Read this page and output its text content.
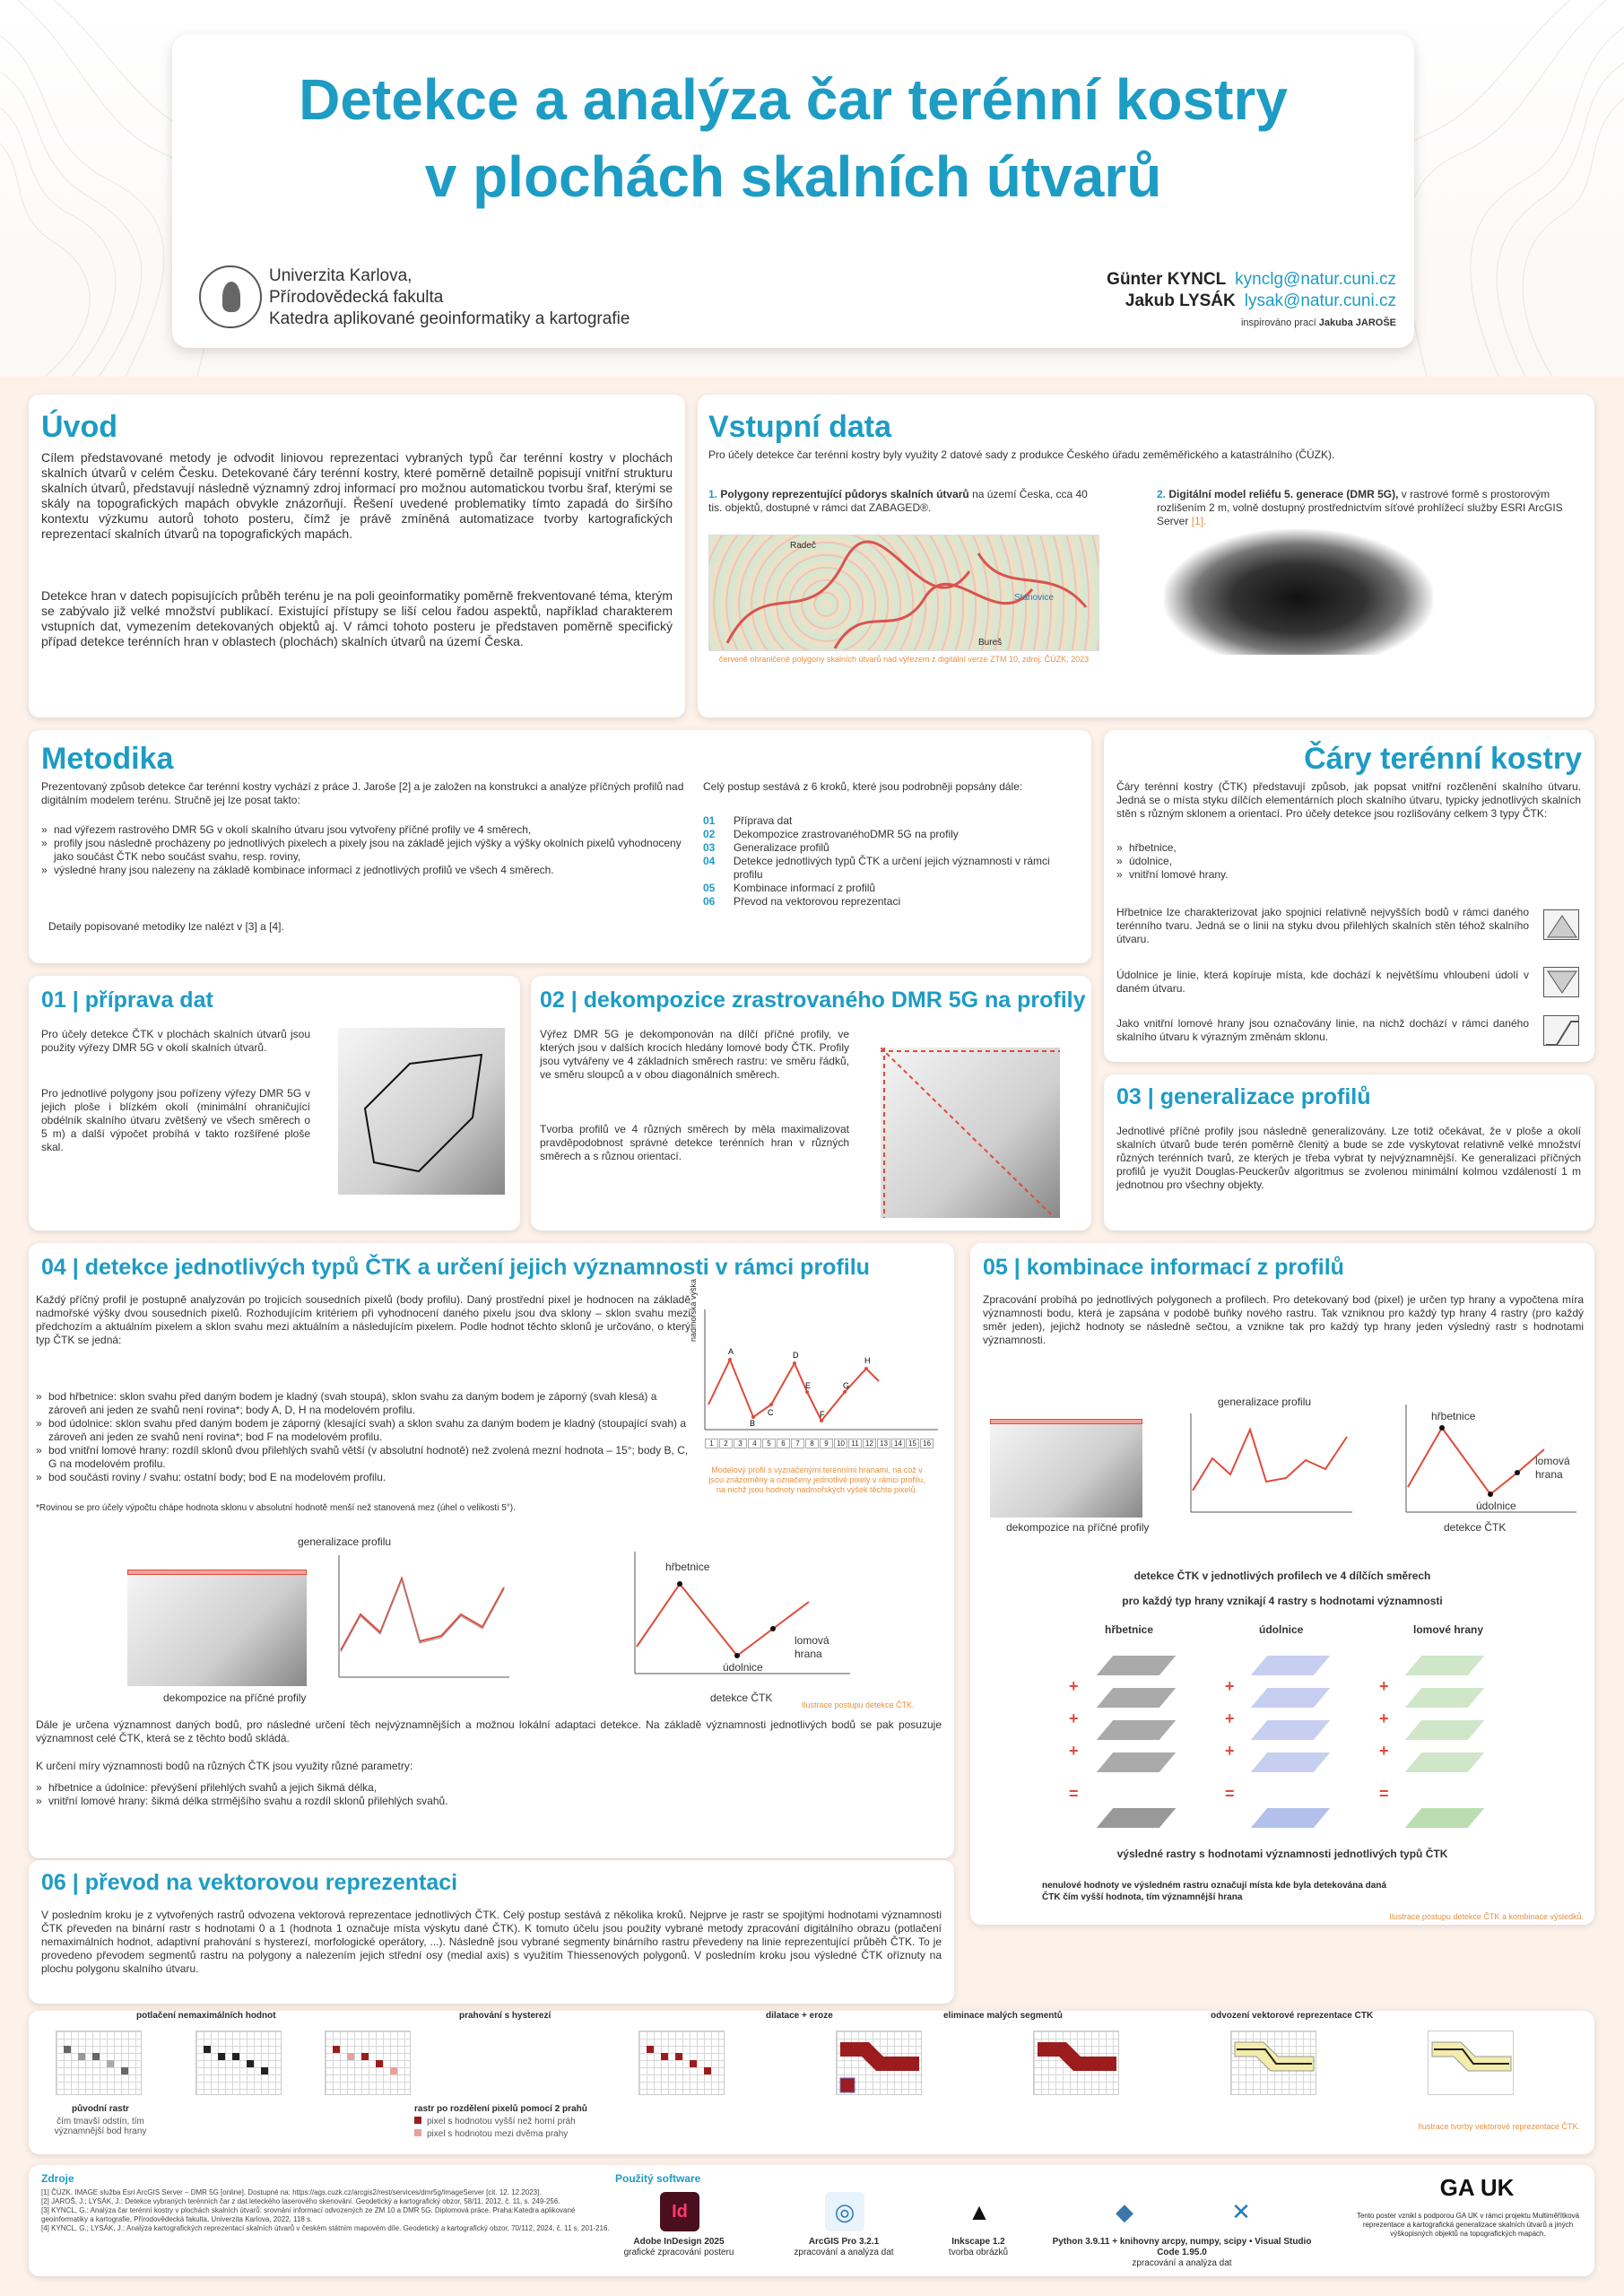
Detekce a analýza čar terénní kostry
v plochách skalních útvarů
Univerzita Karlova,
Přírodovědecká fakulta
Katedra aplikované geoinformatiky a kartografie
Günter KYNCL kynclg@natur.cuni.cz
Jakub LYSÁK lysak@natur.cuni.cz
inspirováno prací Jakuba JAROŠE
Úvod
Cílem představované metody je odvodit liniovou reprezentaci vybraných typů čar terénní kostry v plochách skalních útvarů v celém Česku. Detekované čáry terénní kostry, které poměrně detailně popisují vnitřní strukturu skalních útvarů, představují následně významný zdroj informací pro možnou automatickou tvorbu šraf, kterými se skály na topografických mapách obvykle znázorňují. Řešení uvedené problematiky tímto zapadá do širšího kontextu výzkumu autorů tohoto posteru, čímž je právě zmíněná automatizace tvorby kartografických reprezentací skalních útvarů na topografických mapách.
Detekce hran v datech popisujících průběh terénu je na poli geoinformatiky poměrně frekventované téma, kterým se zabývalo již velké množství publikací. Existující přístupy se liší celou řadou aspektů, například charakterem vstupních dat, vymezením detekovaných objektů aj. V rámci tohoto posteru je představen poměrně specifický případ detekce terénních hran v oblastech (plochách) skalních útvarů na území Česka.
Vstupní data
Pro účely detekce čar terénní kostry byly využity 2 datové sady z produkce Českého úřadu zeměměřického a katastrálního (ČÚZK).
1. Polygony reprezentující půdorys skalních útvarů na území Česka, cca 40 tis. objektů, dostupné v rámci dat ZABAGED®.
2. Digitální model reliéfu 5. generace (DMR 5G), v rastrové formě s prostorovým rozlišením 2 m, volně dostupný prostřednictvím síťové prohlížecí služby ESRI ArcGIS Server [1].
Radeč
Stanovice
Bureš
červeně ohraničené polygony skalních útvarů nad výřezem z digitální verze ZTM 10, zdroj: ČÚZK, 2023
Metodika
Prezentovaný způsob detekce čar terénní kostry vychází z práce J. Jaroše [2] a je založen na konstrukci a analýze příčných profilů nad digitálním modelem terénu. Stručně jej lze posat takto:
» nad výřezem rastrového DMR 5G v okolí skalního útvaru jsou vytvořeny příčné profily ve 4 směrech,
» profily jsou následně procházeny po jednotlivých pixelech a pixely jsou na základě jejich výšky a výšky okolních pixelů vyhodnoceny jako součást ČTK nebo součást svahu, resp. roviny,
» výsledné hrany jsou nalezeny na základě kombinace informací z jednotlivých profilů ve všech 4 směrech.
Detaily popisované metodiky lze nalézt v [3] a [4].
Celý postup sestává z 6 kroků, které jsou podrobněji popsány dále:
01	Příprava dat
02	Dekompozice zrastrovanéhoDMR 5G na profily
03	Generalizace profilů
04	Detekce jednotlivých typů ČTK a určení jejich významnosti v rámci profilu
05	Kombinace informací z profilů
06	Převod na vektorovou reprezentaci
Čáry terénní kostry
Čáry terénní kostry (ČTK) představují způsob, jak popsat vnitřní rozčlenění skalního útvaru. Jedná se o místa styku dílčích elementárních ploch skalního útvaru, typicky jednotlivých skalních stěn s různým sklonem a orientací. Pro účely detekce jsou rozlišovány celkem 3 typy ČTK:
» hřbetnice,
» údolnice,
» vnitřní lomové hrany.
Hřbetnice lze charakterizovat jako spojnici relativně nejvyšších bodů v rámci daného terénního tvaru. Jedná se o linii na styku dvou přilehlých skalních stěn téhož skalního útvaru.
Údolnice je linie, která kopíruje místa, kde dochází k největšímu vhloubení údolí v daném útvaru.
Jako vnitřní lomové hrany jsou označovány linie, na nichž dochází v rámci daného skalního útvaru k výrazným změnám sklonu.
01 | příprava dat
Pro účely detekce ČTK v plochách skalních útvarů jsou použity výřezy DMR 5G v okolí skalních útvarů.
Pro jednotlivé polygony jsou pořízeny výřezy DMR 5G v jejich ploše i blízkém okolí (minimální ohraničující obdélník skalního útvaru zvětšený ve všech směrech o 5 m) a další výpočet probíhá v takto rozšířené ploše skal.
02 | dekompozice zrastrovaného DMR 5G na profily
Výřez DMR 5G je dekomponován na dílčí příčné profily, ve kterých jsou v dalších krocích hledány lomové body ČTK. Profily jsou vytvářeny ve 4 základních směrech rastru: ve směru řádků, ve směru sloupců a v obou diagonálních směrech.
Tvorba profilů ve 4 různých směrech by měla maximalizovat pravděpodobnost správné detekce terénních hran v různých směrech a s různou orientací.
03 | generalizace profilů
Jednotlivé příčné profily jsou následně generalizovány. Lze totiž očekávat, že v ploše a okolí skalních útvarů bude terén poměrně členitý a bude se zde vyskytovat relativně velké množství různých terénních tvarů, ze kterých je třeba vybrat ty nejvýznamnější. Ke generalizaci příčných profilů je využit Douglas-Peuckerův algoritmus se zvolenou minimální kolmou vzdáleností 1 m jednotnou pro všechny objekty.
04 | detekce jednotlivých typů ČTK a určení jejich významnosti v rámci profilu
Každý příčný profil je postupně analyzován po trojicích sousedních pixelů (body profilu). Daný prostřední pixel je hodnocen na základě nadmořské výšky dvou sousedních pixelů. Rozhodujícím kritériem při vyhodnocení daného pixelu jsou dva sklony – sklon svahu mezi předchozím a aktuálním pixelem a sklon svahu mezi aktuálním a následujícím pixelem. Podle hodnot těchto sklonů je určováno, o který typ ČTK se jedná:
» bod hřbetnice: sklon svahu před daným bodem je kladný (svah stoupá), sklon svahu za daným bodem je záporný (svah klesá) a zároveň ani jeden ze svahů není rovina*; body A, D, H na modelovém profilu.
» bod údolnice: sklon svahu před daným bodem je záporný (klesající svah) a sklon svahu za daným bodem je kladný (stoupající svah) a zároveň ani jeden ze svahů není rovina*; bod F na modelovém profilu.
» bod vnitřní lomové hrany: rozdíl sklonů dvou přilehlých svahů větší (v absolutní hodnotě) než zvolená mezní hodnota – 15°; body B, C, G na modelovém profilu.
» bod součásti roviny / svahu: ostatní body; bod E na modelovém profilu.
*Rovinou se pro účely výpočtu chápe hodnota sklonu v absolutní hodnotě menší než stanovená mez (úhel o velikosti 5°).
A
B
C
D
E
F
G
H
nadmořská výška
1	2	3	4	5	6	7	8	9	10 11 12 13 14 15 16
Modelový profil s vyznačenými terénními hranami, na což v jsou znázorněny a označeny jednotlivé pixely v rámci profilu, na nichž jsou hodnoty nadmořských výšek těchto pixelů.
dekompozice na příčné profily
generalizace profilu
hřbetnice
údolnice
lomová hrana
detekce ČTK
Ilustrace postupu detekce ČTK.
Dále je určena významnost daných bodů, pro následné určení těch nejvýznamnějších a možnou lokální adaptaci detekce. Na základě významnosti jednotlivých bodů se pak posuzuje významnost celé ČTK, která se z těchto bodů skládá.
K určení míry významnosti bodů na různých ČTK jsou využity různé parametry:
» hřbetnice a údolnice: převýšení přilehlých svahů a jejich šikmá délka,
» vnitřní lomové hrany: šikmá délka strmějšího svahu a rozdíl sklonů přilehlých svahů.
05 | kombinace informací z profilů
Zpracování probíhá po jednotlivých polygonech a profilech. Pro detekovaný bod (pixel) je určen typ hrany a vypočtena míra významnosti bodu, která je zapsána v podobě buňky nového rastru. Tak vzniknou pro každý typ hrany 4 rastry (pro každý směr jeden), jejichž hodnoty se následně sečtou, a vznikne tak pro každý typ hrany jeden výsledný rastr s hodnotami významnosti.
dekompozice na příčné profily
generalizace profilu
hřbetnice
údolnice
lomová hrana
detekce ČTK
detekce ČTK v jednotlivých profilech ve 4 dílčích směrech
pro každý typ hrany vznikají 4 rastry s hodnotami významnosti
hřbetnice	údolnice	lomové hrany
+
+
+
=
+
+
+
=
+
+
+
=
výsledné rastry s hodnotami významnosti jednotlivých typů ČTK
nenulové hodnoty ve výsledném rastru označují místa kde byla detekována daná ČTK čím vyšší hodnota, tím významnější hrana
Ilustrace postupu detekce ČTK a kombinace výsledků.
06 | převod na vektorovou reprezentaci
V posledním kroku je z vytvořených rastrů odvozena vektorová reprezentace jednotlivých ČTK. Celý postup sestává z několika kroků. Nejprve je rastr se spojitými hodnotami významnosti ČTK převeden na binární rastr s hodnotami 0 a 1 (hodnota 1 označuje místa výskytu dané ČTK). K tomuto účelu jsou použity vybrané metody zpracování digitálního obrazu (potlačení nemaximálních hodnot, adaptivní prahování s hysterezí, morfologické operátory, ...). Následně jsou vybrané segmenty binárního rastru převedeny na linie reprezentující průběh ČTK. To je provedeno převodem segmentů rastru na polygony a nalezením jejich střední osy (medial axis) s využitím Thiessenových polygonů. V posledním kroku jsou výsledné ČTK oříznuty na plochu polygonu skalního útvaru.
potlačení nemaximálních hodnot	prahování s hysterezí	dilatace + eroze	eliminace malých segmentů	odvození vektorové reprezentace ČTK
původní rastr
čím tmavší odstín, tím významnější bod hrany
rastr po rozdělení pixelů pomocí 2 prahů
pixel s hodnotou vyšší než horní práh
pixel s hodnotou mezi dvěma prahy
Ilustrace tvorby vektorové reprezentace ČTK.
Zdroje
[1] ČÚZK. IMAGE služba Esri ArcGIS Server – DMR 5G [online]. Dostupné na: https://ags.cuzk.cz/arcgis2/rest/services/dmr5g/ImageServer [cit. 12. 12.2023].
[2] JAROŠ, J.; LYSÁK, J.: Detekce vybraných terénních čar z dat leteckého laserového skenování. Geodetický a kartografický obzor, 58/11, 2012, č. 11, s. 249-256.
[3] KYNCL, G.: Analýza čar terénní kostry v plochách skalních útvarů: srovnání informací odvozených ze ZM 10 a DMR 5G. Diplomová práce. Praha:Katedra aplikované geoinformatiky a kartografie, Přírodovědecká fakulta, Univerzita Karlova, 2022, 118 s.
[4] KYNCL, G.; LYSÁK, J.: Analýza kartografických reprezentací skalních útvarů v českém státním mapovém díle. Geodetický a kartografický obzor, 70/112, 2024, č. 11 s. 201-216.
Použitý software
Id
Adobe InDesign 2025
grafické zpracování posteru
◎
ArcGIS Pro 3.2.1
zpracování a analýza dat
▲
Inkscape 1.2
tvorba obrázků
◆	✕
Python 3.9.11 + knihovny arcpy, numpy, scipy • Visual Studio Code 1.95.0
zpracování a analýza dat
GA UK
Tento poster vznikl s podporou GA UK v rámci projektu Multiměřítková reprezentace a kartografická generalizace skalních útvarů a jiných výškopisných objektů na topografických mapách.
